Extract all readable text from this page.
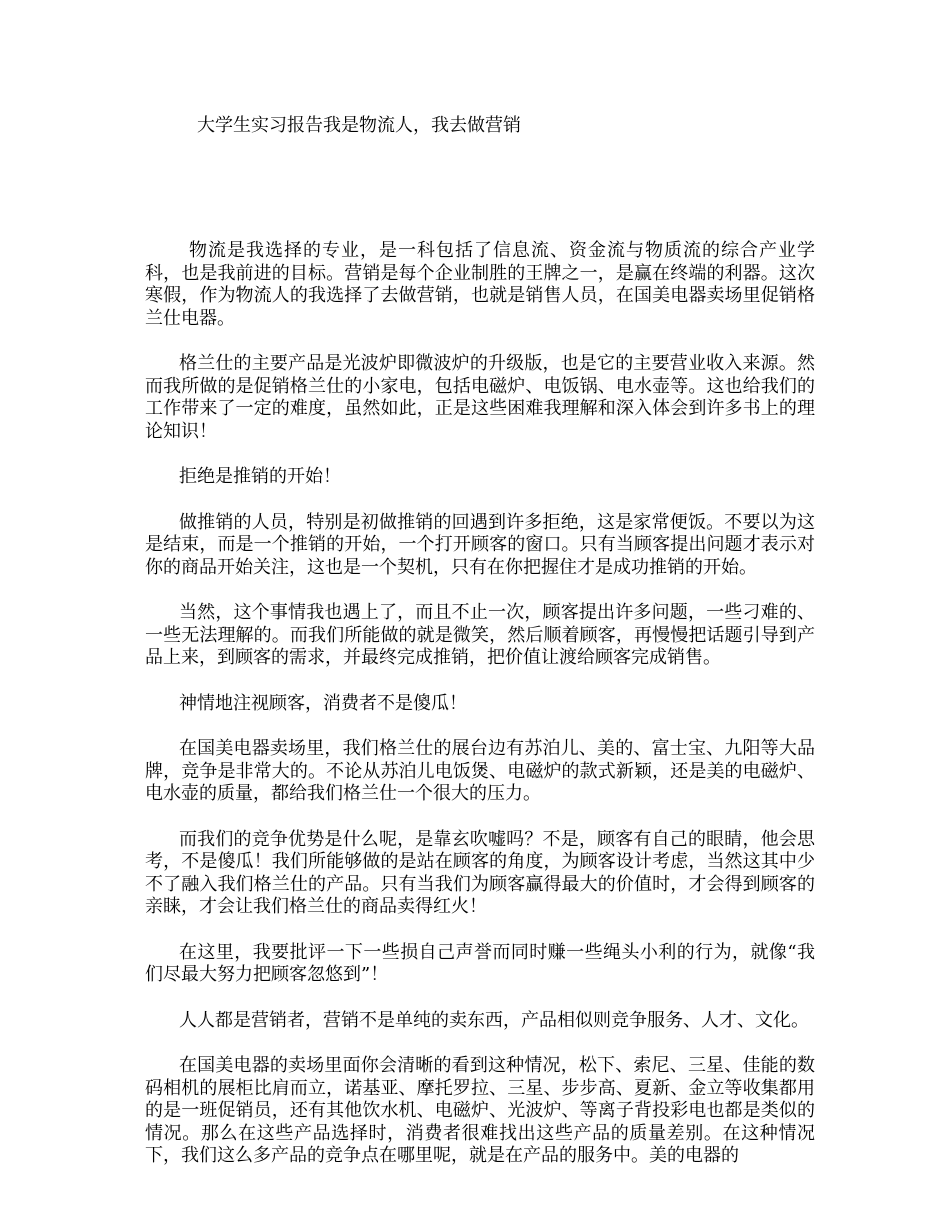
大学生实习报告我是物流人，我去做营销

物流是我选择的专业，是一科包括了信息流、资金流与物质流的综合产业学科，也是我前进的目标。营销是每个企业制胜的王牌之一，是赢在终端的利器。这次寒假，作为物流人的我选择了去做营销，也就是销售人员，在国美电器卖场里促销格兰仕电器。

格兰仕的主要产品是光波炉即微波炉的升级版，也是它的主要营业收入来源。然而我所做的是促销格兰仕的小家电，包括电磁炉、电饭锅、电水壶等。这也给我们的工作带来了一定的难度，虽然如此，正是这些困难我理解和深入体会到许多书上的理论知识！

拒绝是推销的开始！

做推销的人员，特别是初做推销的回遇到许多拒绝，这是家常便饭。不要以为这是结束，而是一个推销的开始，一个打开顾客的窗口。只有当顾客提出问题才表示对你的商品开始关注，这也是一个契机，只有在你把握住才是成功推销的开始。

当然，这个事情我也遇上了，而且不止一次，顾客提出许多问题，一些刁难的、一些无法理解的。而我们所能做的就是微笑，然后顺着顾客，再慢慢把话题引导到产品上来，到顾客的需求，并最终完成推销，把价值让渡给顾客完成销售。

神情地注视顾客，消费者不是傻瓜！

在国美电器卖场里，我们格兰仕的展台边有苏泊儿、美的、富士宝、九阳等大品牌，竞争是非常大的。不论从苏泊儿电饭煲、电磁炉的款式新颖，还是美的电磁炉、电水壶的质量，都给我们格兰仕一个很大的压力。

而我们的竞争优势是什么呢，是靠玄吹嘘吗？不是，顾客有自己的眼睛，他会思考，不是傻瓜！我们所能够做的是站在顾客的角度，为顾客设计考虑，当然这其中少不了融入我们格兰仕的产品。只有当我们为顾客赢得最大的价值时，才会得到顾客的亲睐，才会让我们格兰仕的商品卖得红火！

在这里，我要批评一下一些损自己声誉而同时赚一些绳头小利的行为，就像“我们尽最大努力把顾客忽悠到”！

人人都是营销者，营销不是单纯的卖东西，产品相似则竞争服务、人才、文化。

在国美电器的卖场里面你会清晰的看到这种情况，松下、索尼、三星、佳能的数码相机的展柜比肩而立，诺基亚、摩托罗拉、三星、步步高、夏新、金立等收集都用的是一班促销员，还有其他饮水机、电磁炉、光波炉、等离子背投彩电也都是类似的情况。那么在这些产品选择时，消费者很难找出这些产品的质量差别。在这种情况下，我们这么多产品的竞争点在哪里呢，就是在产品的服务中。美的电器的
